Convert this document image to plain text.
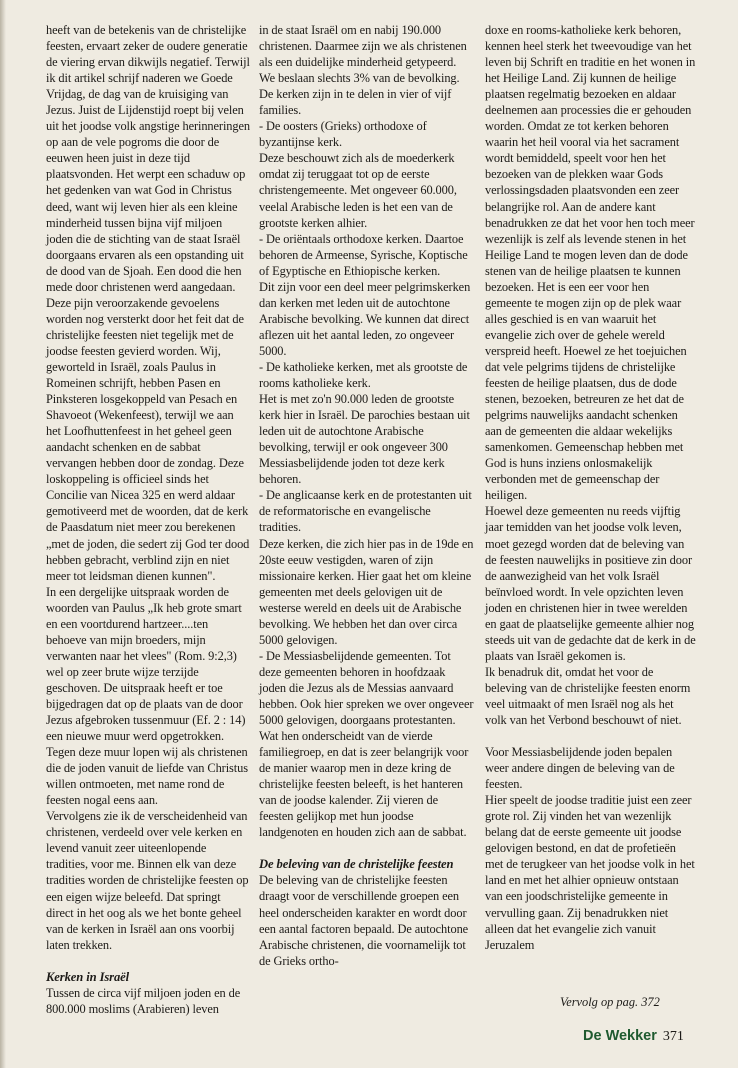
heeft van de betekenis van de christelijke feesten, ervaart zeker de oudere generatie de viering ervan dikwijls negatief. Terwijl ik dit artikel schrijf naderen we Goede Vrijdag, de dag van de kruisiging van Jezus. Juist de Lijdenstijd roept bij velen uit het joodse volk angstige herinneringen op aan de vele pogroms die door de eeuwen heen juist in deze tijd plaatsvonden. Het werpt een schaduw op het gedenken van wat God in Christus deed, want wij leven hier als een kleine minderheid tussen bijna vijf miljoen joden die de stichting van de staat Israël doorgaans ervaren als een opstanding uit de dood van de Sjoah. Een dood die hen mede door christenen werd aangedaan.

Deze pijn veroorzakende gevoelens worden nog versterkt door het feit dat de christelijke feesten niet tegelijk met de joodse feesten gevierd worden. Wij, geworteld in Israël, zoals Paulus in Romeinen schrijft, hebben Pasen en Pinksteren losgekoppeld van Pesach en Shavoeot (Wekenfeest), terwijl we aan het Loofhuttenfeest in het geheel geen aandacht schenken en de sabbat vervangen hebben door de zondag. Deze loskoppeling is officieel sinds het Concilie van Nicea 325 en werd aldaar gemotiveerd met de woorden, dat de kerk de Paasdatum niet meer zou berekenen „met de joden, die sedert zij God ter dood hebben gebracht, verblind zijn en niet meer tot leidsman dienen kunnen".

In een dergelijke uitspraak worden de woorden van Paulus „Ik heb grote smart en een voortdurend hartzeer....ten behoeve van mijn broeders, mijn verwanten naar het vlees" (Rom. 9:2,3) wel op zeer brute wijze terzijde geschoven. De uitspraak heeft er toe bijgedragen dat op de plaats van de door Jezus afgebroken tussenmuur (Ef. 2 : 14) een nieuwe muur werd opgetrokken. Tegen deze muur lopen wij als christenen die de joden vanuit de liefde van Christus willen ontmoeten, met name rond de feesten nogal eens aan.

Vervolgens zie ik de verscheidenheid van christenen, verdeeld over vele kerken en levend vanuit zeer uiteenlopende tradities, voor me. Binnen elk van deze tradities worden de christelijke feesten op een eigen wijze beleefd. Dat springt direct in het oog als we het bonte geheel van de kerken in Israël aan ons voorbij laten trekken.

Kerken in Israël

Tussen de circa vijf miljoen joden en de 800.000 moslims (Arabieren) leven

in de staat Israël om en nabij 190.000 christenen. Daarmee zijn we als christenen als een duidelijke minderheid getypeerd.

We beslaan slechts 3% van de bevolking.

De kerken zijn in te delen in vier of vijf families.

- De oosters (Grieks) orthodoxe of byzantijnse kerk.

Deze beschouwt zich als de moederkerk omdat zij teruggaat tot op de eerste christengemeente. Met ongeveer 60.000, veelal Arabische leden is het een van de grootste kerken alhier.

- De oriëntaals orthodoxe kerken. Daartoe behoren de Armeense, Syrische, Koptische of Egyptische en Ethiopische kerken.

Dit zijn voor een deel meer pelgrimskerken dan kerken met leden uit de autochtone Arabische bevolking. We kunnen dat direct aflezen uit het aantal leden, zo ongeveer 5000.

- De katholieke kerken, met als grootste de rooms katholieke kerk.

Het is met zo'n 90.000 leden de grootste kerk hier in Israël. De parochies bestaan uit leden uit de autochtone Arabische bevolking, terwijl er ook ongeveer 300 Messiasbelijdende joden tot deze kerk behoren.

- De anglicaanse kerk en de protestanten uit de reformatorische en evangelische tradities.

Deze kerken, die zich hier pas in de 19de en 20ste eeuw vestigden, waren of zijn missionaire kerken. Hier gaat het om kleine gemeenten met deels gelovigen uit de westerse wereld en deels uit de Arabische bevolking. We hebben het dan over circa 5000 gelovigen.

- De Messiasbelijdende gemeenten. Tot deze gemeenten behoren in hoofdzaak joden die Jezus als de Messias aanvaard hebben. Ook hier spreken we over ongeveer 5000 gelovigen, doorgaans protestanten. Wat hen onderscheidt van de vierde familiegroep, en dat is zeer belangrijk voor de manier waarop men in deze kring de christelijke feesten beleeft, is het hanteren van de joodse kalender. Zij vieren de feesten gelijkop met hun joodse landgenoten en houden zich aan de sabbat.

De beleving van de christelijke feesten

De beleving van de christelijke feesten draagt voor de verschillende groepen een heel onderscheiden karakter en wordt door een aantal factoren bepaald. De autochtone Arabische christenen, die voornamelijk tot de Grieks ortho-

doxe en rooms-katholieke kerk behoren, kennen heel sterk het tweevoudige van het leven bij Schrift en traditie en het wonen in het Heilige Land. Zij kunnen de heilige plaatsen regelmatig bezoeken en aldaar deelnemen aan processies die er gehouden worden. Omdat ze tot kerken behoren waarin het heil vooral via het sacrament wordt bemiddeld, speelt voor hen het bezoeken van de plekken waar Gods verlossingsdaden plaatsvonden een zeer belangrijke rol. Aan de andere kant benadrukken ze dat het voor hen toch meer wezenlijk is zelf als levende stenen in het Heilige Land te mogen leven dan de dode stenen van de heilige plaatsen te kunnen bezoeken. Het is een eer voor hen gemeente te mogen zijn op de plek waar alles geschied is en van waaruit het evangelie zich over de gehele wereld verspreid heeft. Hoewel ze het toejuichen dat vele pelgrims tijdens de christelijke feesten de heilige plaatsen, dus de dode stenen, bezoeken, betreuren ze het dat de pelgrims nauwelijks aandacht schenken aan de gemeenten die aldaar wekelijks samenkomen. Gemeenschap hebben met God is huns inziens onlosmakelijk verbonden met de gemeenschap der heiligen.

Hoewel deze gemeenten nu reeds vijftig jaar temidden van het joodse volk leven, moet gezegd worden dat de beleving van de feesten nauwelijks in positieve zin door de aanwezigheid van het volk Israël beïnvloed wordt. In vele opzichten leven joden en christenen hier in twee werelden en gaat de plaatselijke gemeente alhier nog steeds uit van de gedachte dat de kerk in de plaats van Israël gekomen is.

Ik benadruk dit, omdat het voor de beleving van de christelijke feesten enorm veel uitmaakt of men Israël nog als het volk van het Verbond beschouwt of niet.

Voor Messiasbelijdende joden bepalen weer andere dingen de beleving van de feesten.

Hier speelt de joodse traditie juist een zeer grote rol. Zij vinden het van wezenlijk belang dat de eerste gemeente uit joodse gelovigen bestond, en dat de profetieën met de terugkeer van het joodse volk in het land en met het alhier opnieuw ontstaan van een joodschristelijke gemeente in vervulling gaan. Zij benadrukken niet alleen dat het evangelie zich vanuit Jeruzalem

Vervolg op pag. 372
De Wekker 371
